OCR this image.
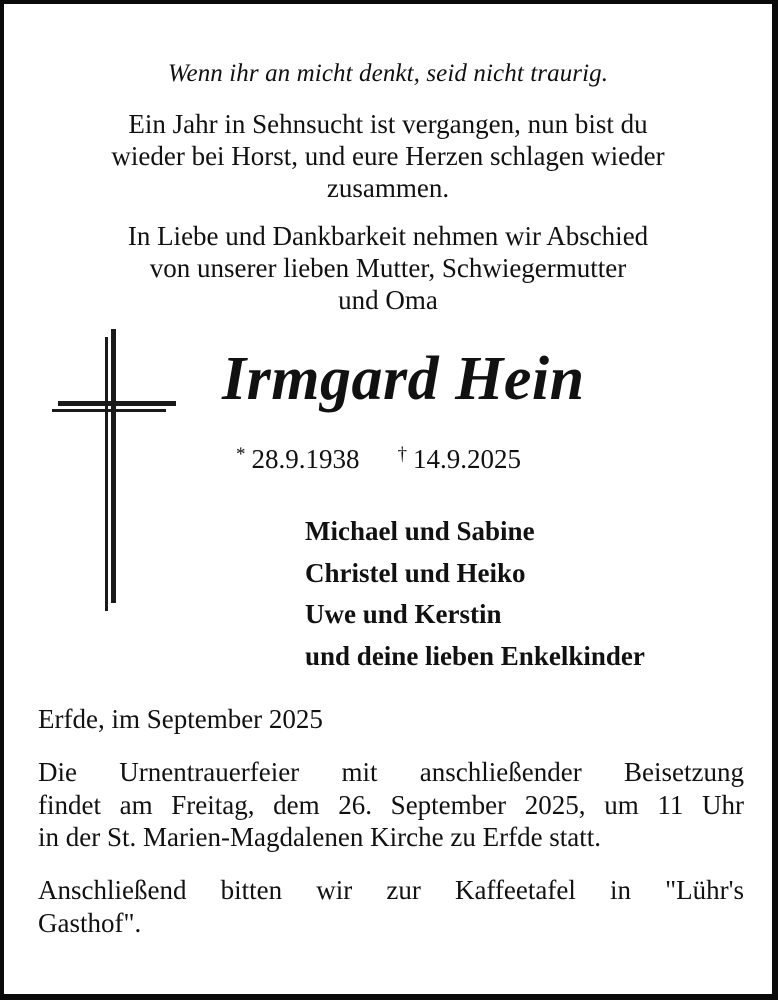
Wenn ihr an micht denkt, seid nicht traurig.

Ein Jahr in Sehnsucht ist vergangen, nun bist du

wieder bei Horst, und eure Herzen schlagen wieder

zusammen.

In Liebe und Dankbarkeit nehmen wir Abschied

von unserer lieben Mutter, Schwiegermutter

und Oma

Irmgard Hein
* 28.9.1938 † 14.9.2025
Michael und Sabine
Christel und Heiko
Uwe und Kerstin
und deine lieben Enkelkinder
Erfde, im September 2025
Die Urnentrauerfeier mit anschließender Beisetzung
findet am Freitag, dem 26. September 2025, um 11 Uhr
in der St. Marien-Magdalenen Kirche zu Erfde statt.
Anschließend bitten wir zur Kaffeetafel in "Lühr's
Gasthof".
